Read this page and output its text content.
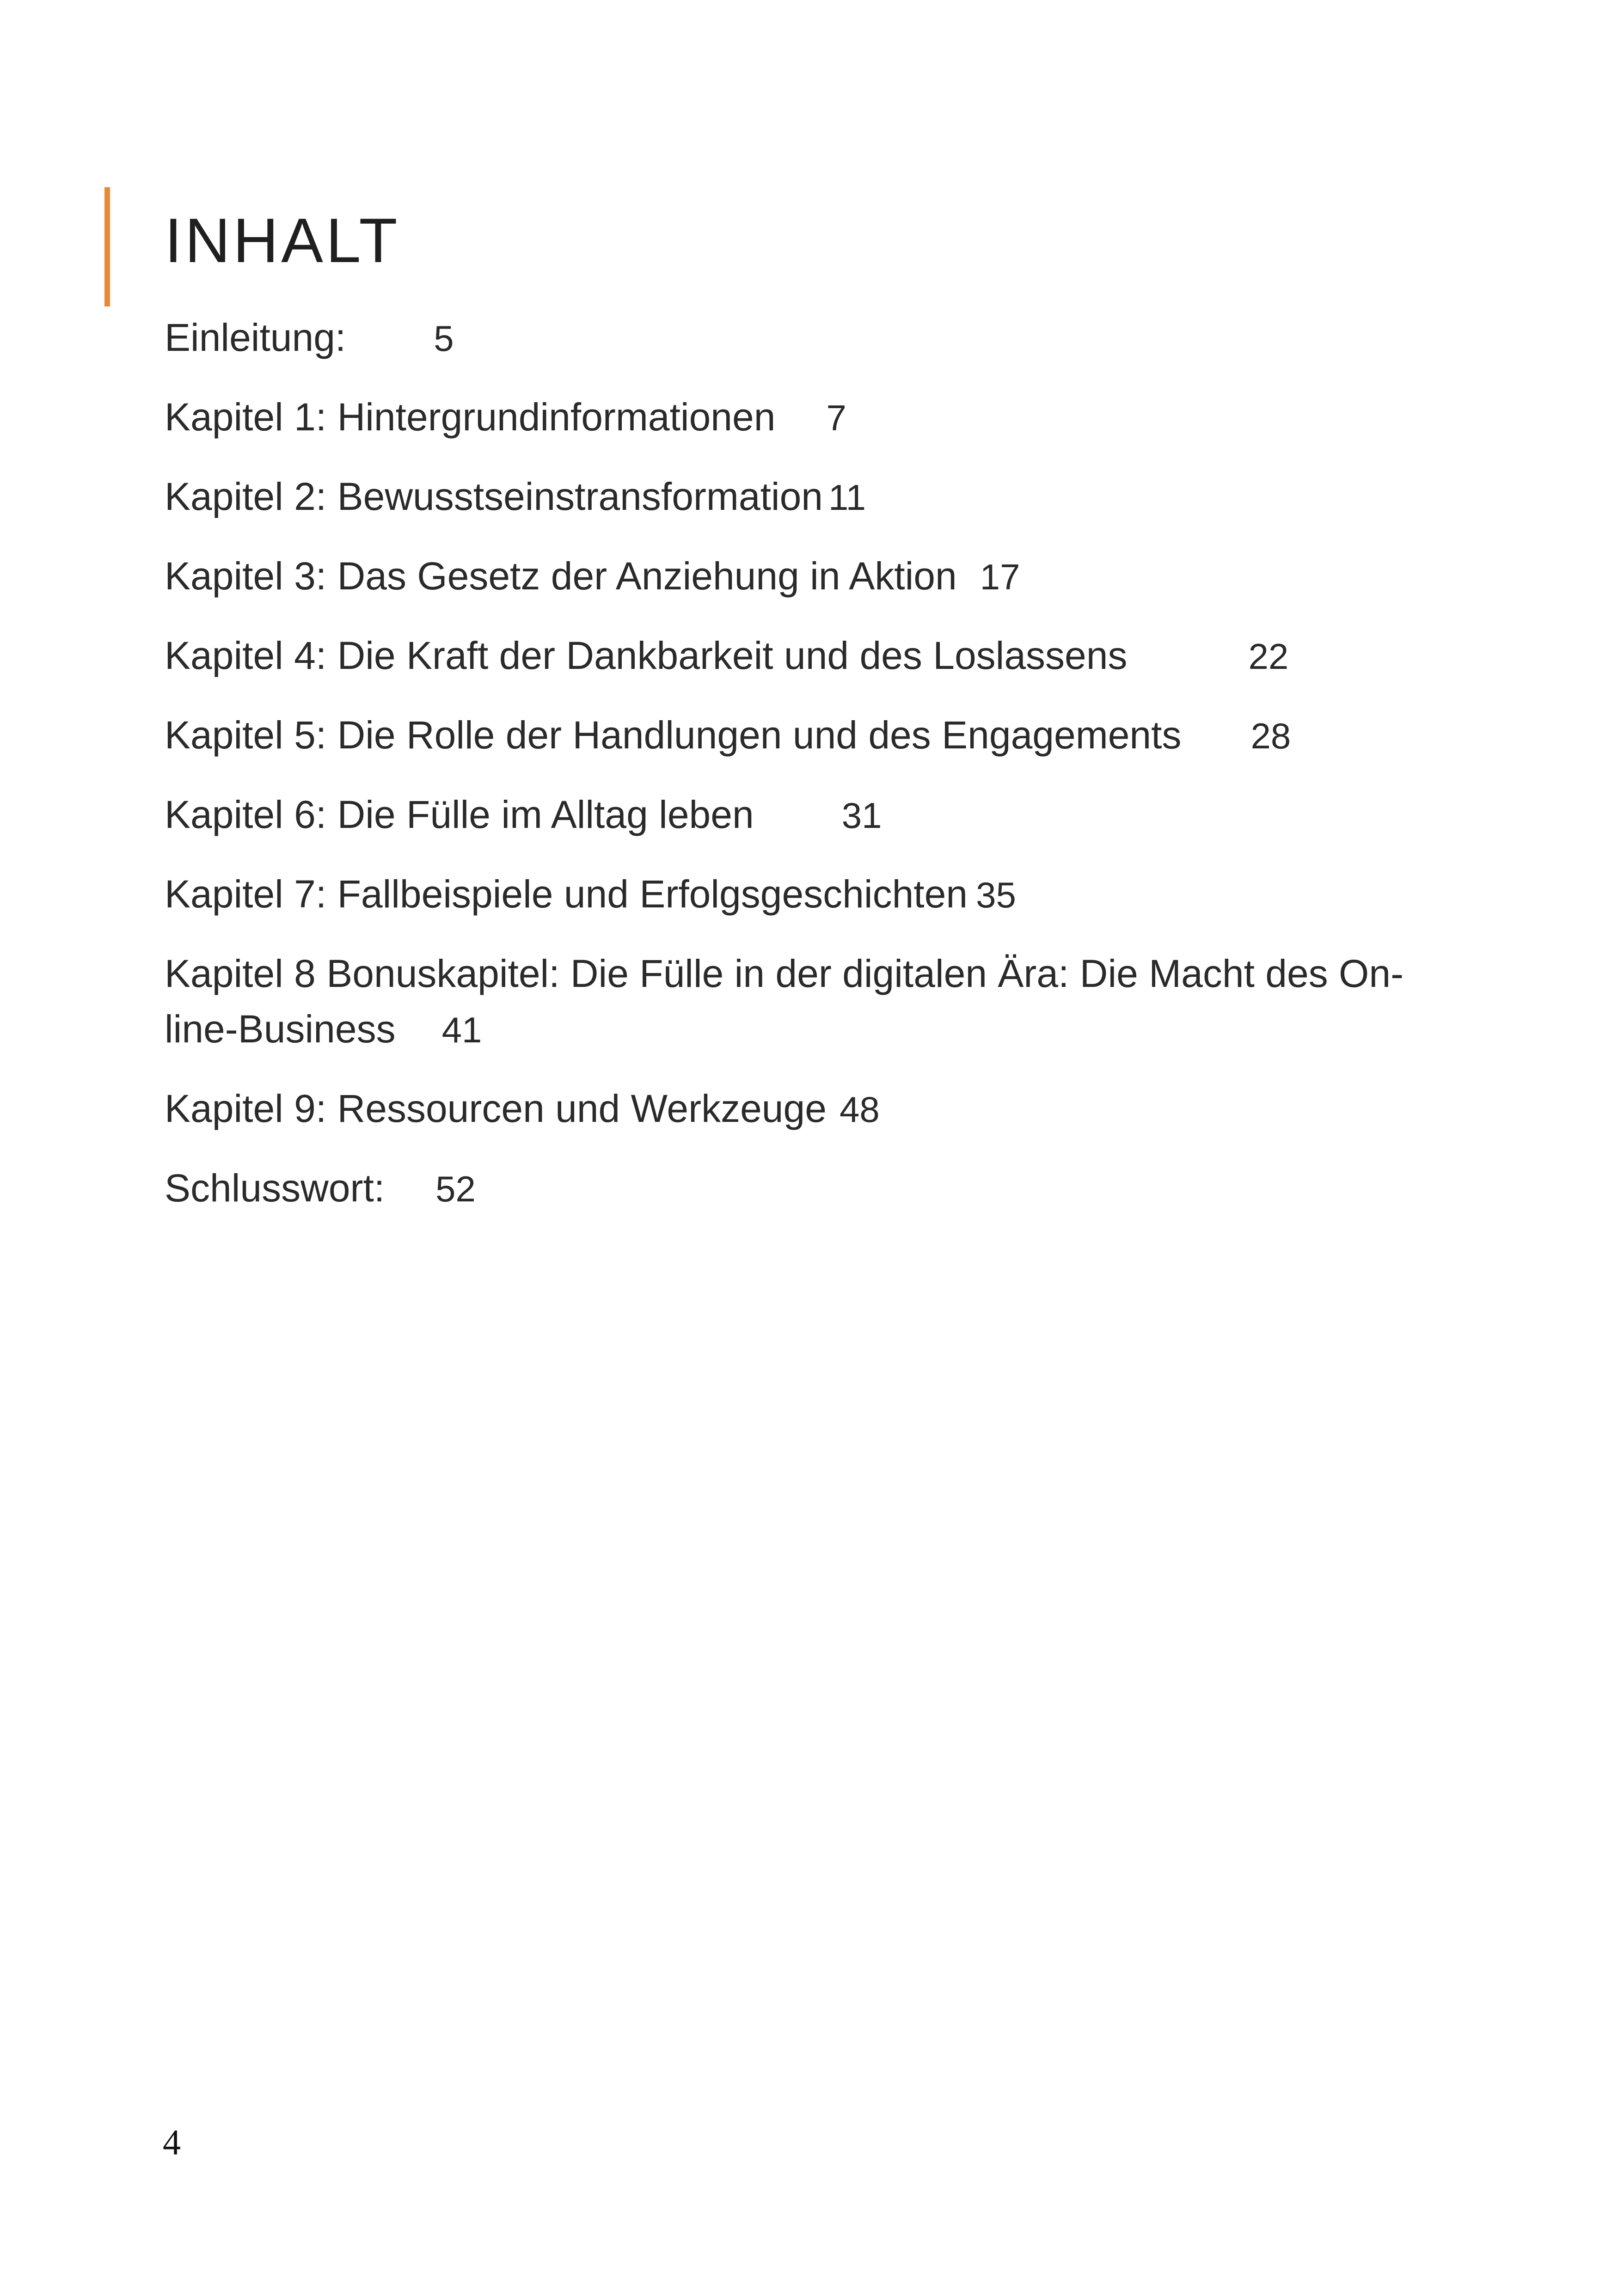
INHALT
Einleitung: 5
Kapitel 1: Hintergrundinformationen 7
Kapitel 2: Bewusstseinstransformation 11
Kapitel 3: Das Gesetz der Anziehung in Aktion 17
Kapitel 4: Die Kraft der Dankbarkeit und des Loslassens	22
Kapitel 5: Die Rolle der Handlungen und des Engagements 28
Kapitel 6: Die Fülle im Alltag leben 31
Kapitel 7: Fallbeispiele und Erfolgsgeschichten 35
Kapitel 8 Bonuskapitel: Die Fülle in der digitalen Ära: Die Macht des On-
line-Business 41
Kapitel 9: Ressourcen und Werkzeuge 48
Schlusswort: 52
4
